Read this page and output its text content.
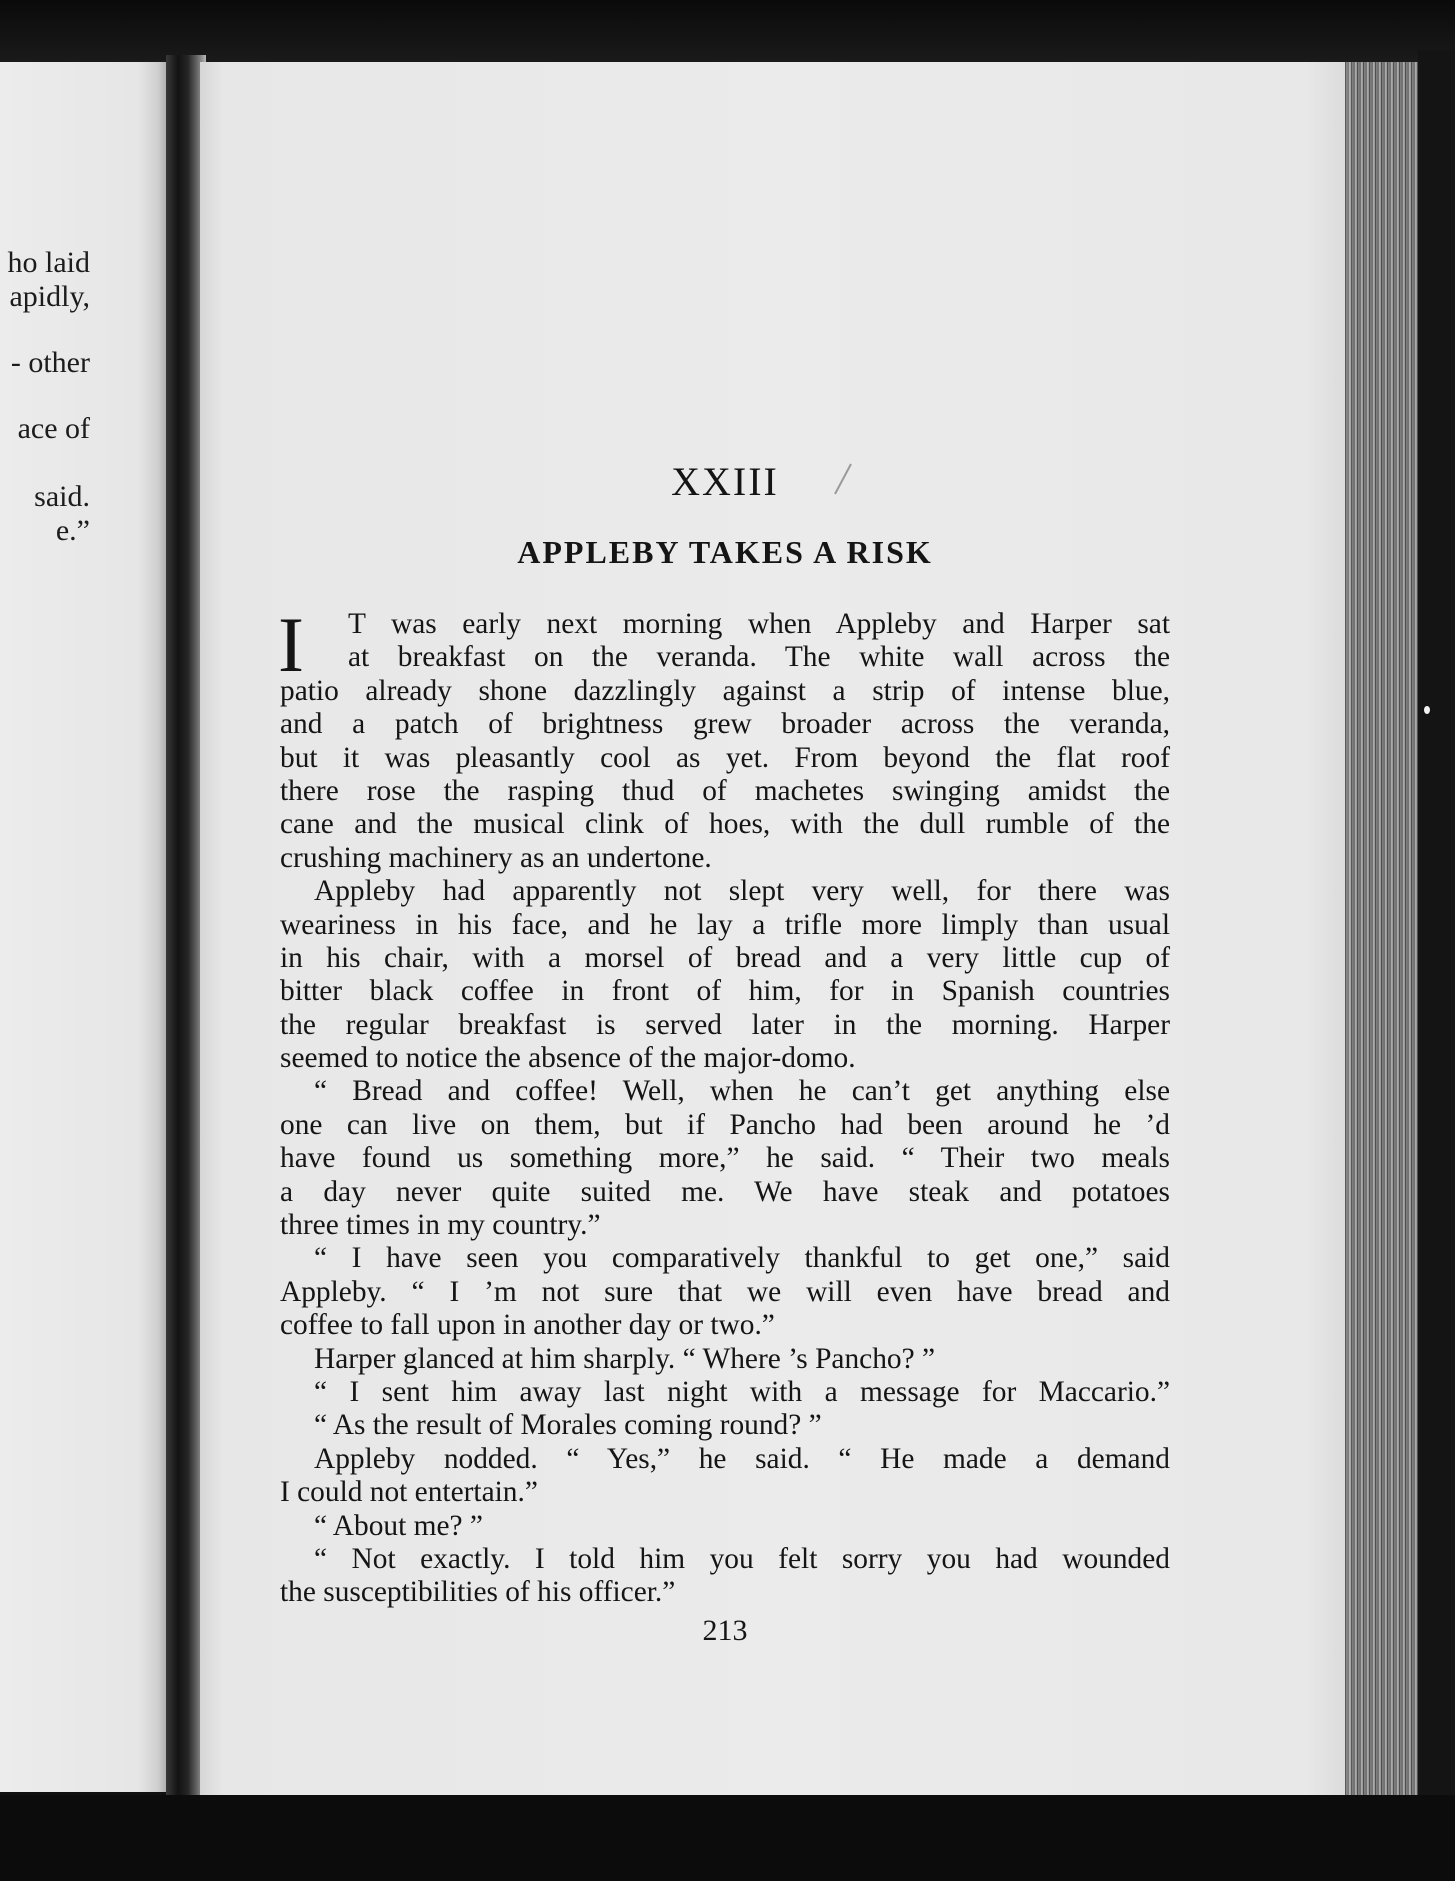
ho laid
apidly,
- other
ace of
said.
e.”
XXIII
APPLEBY TAKES A RISK
I	T was early next morning when Appleby and Harper sat
at breakfast on the veranda. The white wall across the
patio already shone dazzlingly against a strip of intense blue,
and a patch of brightness grew broader across the veranda,
but it was pleasantly cool as yet. From beyond the flat roof
there rose the rasping thud of machetes swinging amidst the
cane and the musical clink of hoes, with the dull rumble of the
crushing machinery as an undertone.
Appleby had apparently not slept very well, for there was
weariness in his face, and he lay a trifle more limply than usual
in his chair, with a morsel of bread and a very little cup of
bitter black coffee in front of him, for in Spanish countries
the regular breakfast is served later in the morning. Harper
seemed to notice the absence of the major-domo.
“ Bread and coffee! Well, when he can’t get anything else
one can live on them, but if Pancho had been around he ’d
have found us something more,” he said. “ Their two meals
a day never quite suited me. We have steak and potatoes
three times in my country.”
“ I have seen you comparatively thankful to get one,” said
Appleby. “ I ’m not sure that we will even have bread and
coffee to fall upon in another day or two.”
Harper glanced at him sharply. “ Where ’s Pancho? ”
“ I sent him away last night with a message for Maccario.”
“ As the result of Morales coming round? ”
Appleby nodded. “ Yes,” he said. “ He made a demand
I could not entertain.”
“ About me? ”
“ Not exactly. I told him you felt sorry you had wounded
the susceptibilities of his officer.”
213
